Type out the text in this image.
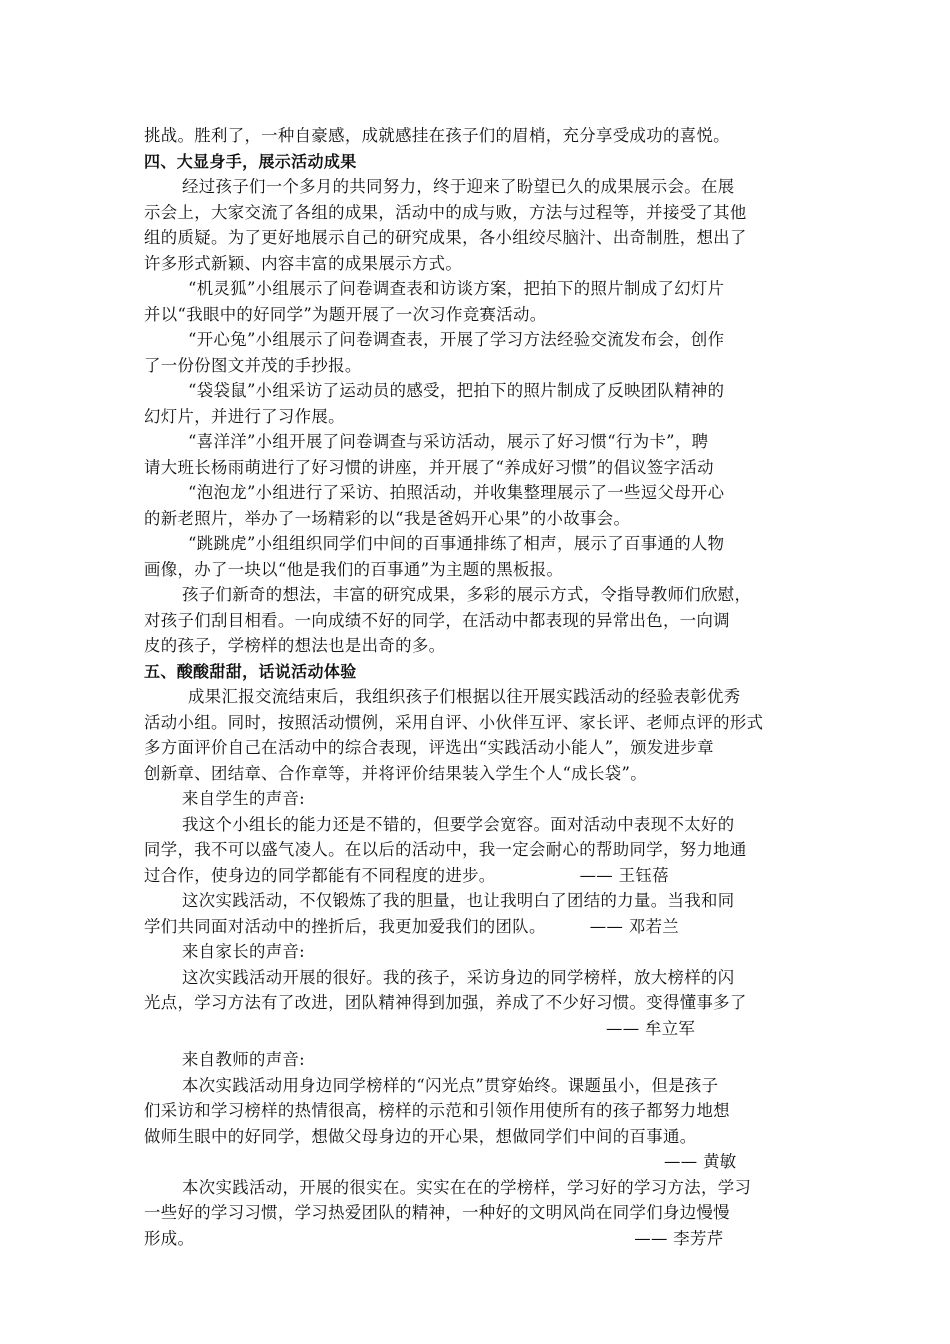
挑战。胜利了，一种自豪感，成就感挂在孩子们的眉梢，充分享受成功的喜悦。
四、大显身手，展示活动成果
经过孩子们一个多月的共同努力，终于迎来了盼望已久的成果展示会。在展
示会上，大家交流了各组的成果，活动中的成与败，方法与过程等，并接受了其他
组的质疑。为了更好地展示自己的研究成果，各小组绞尽脑汁、出奇制胜，想出了
许多形式新颖、内容丰富的成果展示方式。
“机灵狐”小组展示了问卷调查表和访谈方案，把拍下的照片制成了幻灯片
并以“我眼中的好同学”为题开展了一次习作竞赛活动。
“开心兔”小组展示了问卷调查表，开展了学习方法经验交流发布会，创作
了一份份图文并茂的手抄报。
“袋袋鼠”小组采访了运动员的感受，把拍下的照片制成了反映团队精神的
幻灯片，并进行了习作展。
“喜洋洋”小组开展了问卷调查与采访活动，展示了好习惯“行为卡”，聘
请大班长杨雨萌进行了好习惯的讲座，并开展了“养成好习惯”的倡议签字活动
“泡泡龙”小组进行了采访、拍照活动，并收集整理展示了一些逗父母开心
的新老照片，举办了一场精彩的以“我是爸妈开心果”的小故事会。
“跳跳虎”小组组织同学们中间的百事通排练了相声，展示了百事通的人物
画像，办了一块以“他是我们的百事通”为主题的黑板报。
孩子们新奇的想法，丰富的研究成果，多彩的展示方式，令指导教师们欣慰，
对孩子们刮目相看。一向成绩不好的同学，在活动中都表现的异常出色，一向调
皮的孩子，学榜样的想法也是出奇的多。
五、酸酸甜甜，话说活动体验
成果汇报交流结束后，我组织孩子们根据以往开展实践活动的经验表彰优秀
活动小组。同时，按照活动惯例，采用自评、小伙伴互评、家长评、老师点评的形式
多方面评价自己在活动中的综合表现，评选出“实践活动小能人”，颁发进步章
创新章、团结章、合作章等，并将评价结果装入学生个人“成长袋”。
来自学生的声音:
我这个小组长的能力还是不错的，但要学会宽容。面对活动中表现不太好的
同学，我不可以盛气凌人。在以后的活动中，我一定会耐心的帮助同学，努力地通
过合作，使身边的同学都能有不同程度的进步。	—— 王钰蓓
这次实践活动，不仅锻炼了我的胆量，也让我明白了团结的力量。当我和同
学们共同面对活动中的挫折后，我更加爱我们的团队。	—— 邓若兰
来自家长的声音:
这次实践活动开展的很好。我的孩子，采访身边的同学榜样，放大榜样的闪
光点，学习方法有了改进，团队精神得到加强，养成了不少好习惯。变得懂事多了
—— 牟立军
来自教师的声音:
本次实践活动用身边同学榜样的“闪光点”贯穿始终。课题虽小，但是孩子
们采访和学习榜样的热情很高，榜样的示范和引领作用使所有的孩子都努力地想
做师生眼中的好同学，想做父母身边的开心果，想做同学们中间的百事通。
—— 黄敏
本次实践活动，开展的很实在。实实在在的学榜样，学习好的学习方法，学习
一些好的学习习惯，学习热爱团队的精神，一种好的文明风尚在同学们身边慢慢
形成。	—— 李芳芹
